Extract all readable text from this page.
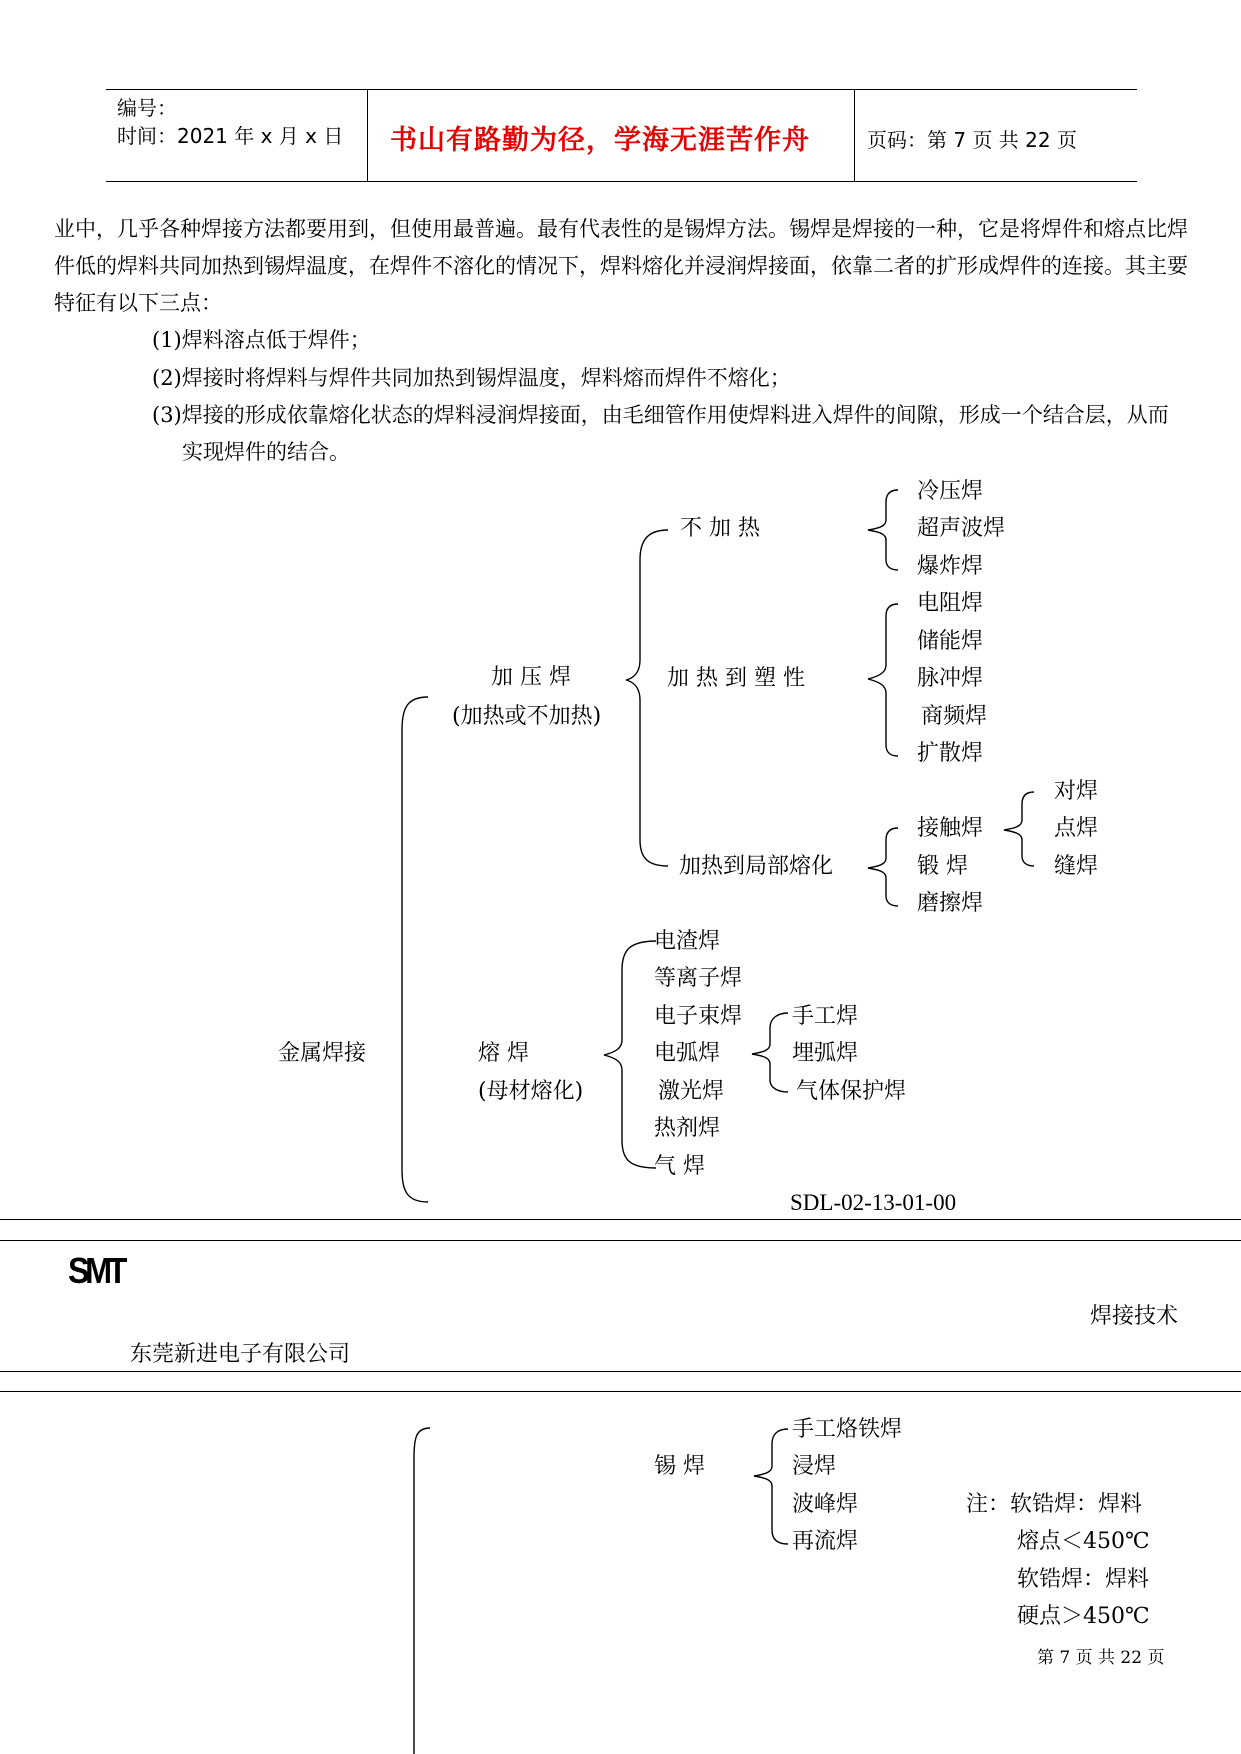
编号：
时间：2021 年 x 月 x 日 书山有路勤为径，学海无涯苦作舟	页码：第 7 页 共 22 页
业中，几乎各种焊接方法都要用到，但使用最普遍。最有代表性的是锡焊方法。锡焊是焊接的一种，它是将焊件和熔点比焊件低的焊料共同加热到锡焊温度，在焊件不溶化的情况下，焊料熔化并浸润焊接面，依靠二者的扩形成焊件的连接。其主要特征有以下三点：
(1)焊料溶点低于焊件；
(2)焊接时将焊料与焊件共同加热到锡焊温度，焊料熔而焊件不熔化；
(3)焊接的形成依靠熔化状态的焊料浸润焊接面，由毛细管作用使焊料进入焊件的间隙，形成一个结合层，从而实现焊件的结合。
金属焊接
加 压 焊
(加热或不加热)
不 加 热
冷压焊
超声波焊
爆炸焊
加 热 到 塑 性
电阻焊
储能焊
脉冲焊
商频焊
扩散焊
加热到局部熔化
接触焊
锻 焊
磨擦焊
对焊
点焊
缝焊
熔 焊
(母材熔化)
电渣焊
等离子焊
电子束焊
电弧焊
激光焊
热剂焊
气 焊
手工焊
埋弧焊
气体保护焊
SDL-02-13-01-00
SMT
焊接技术
东莞新进电子有限公司
锡 焊
手工烙铁焊
浸焊
波峰焊
再流焊
注：软锆焊：焊料
熔点＜450℃
软锆焊：焊料
硬点＞450℃
第 7 页 共 22 页
